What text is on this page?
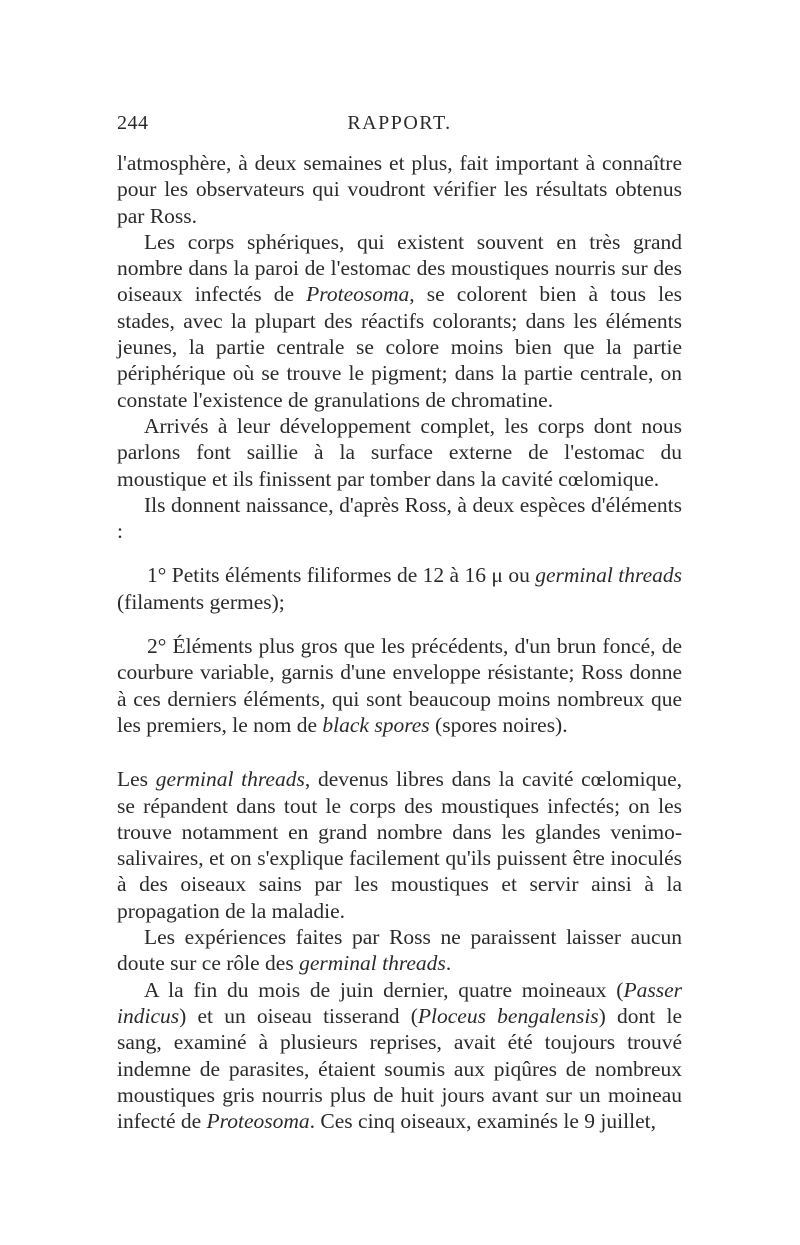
244	RAPPORT.

l'atmosphère, à deux semaines et plus, fait important à connaître pour les observateurs qui voudront vérifier les résultats obtenus par Ross.

Les corps sphériques, qui existent souvent en très grand nombre dans la paroi de l'estomac des moustiques nourris sur des oiseaux infectés de Proteosoma, se colorent bien à tous les stades, avec la plupart des réactifs colorants; dans les éléments jeunes, la partie centrale se colore moins bien que la partie périphérique où se trouve le pigment; dans la partie centrale, on constate l'existence de granulations de chromatine.

Arrivés à leur développement complet, les corps dont nous parlons font saillie à la surface externe de l'estomac du moustique et ils finissent par tomber dans la cavité cœlomique.

Ils donnent naissance, d'après Ross, à deux espèces d'éléments :

1° Petits éléments filiformes de 12 à 16 μ ou germinal threads (filaments germes);

2° Éléments plus gros que les précédents, d'un brun foncé, de courbure variable, garnis d'une enveloppe résistante; Ross donne à ces derniers éléments, qui sont beaucoup moins nombreux que les premiers, le nom de black spores (spores noires).

Les germinal threads, devenus libres dans la cavité cœlomique, se répandent dans tout le corps des moustiques infectés; on les trouve notamment en grand nombre dans les glandes venimo-salivaires, et on s'explique facilement qu'ils puissent être inoculés à des oiseaux sains par les moustiques et servir ainsi à la propagation de la maladie.

Les expériences faites par Ross ne paraissent laisser aucun doute sur ce rôle des germinal threads.

A la fin du mois de juin dernier, quatre moineaux (Passer indicus) et un oiseau tisserand (Ploceus bengalensis) dont le sang, examiné à plusieurs reprises, avait été toujours trouvé indemne de parasites, étaient soumis aux piqûres de nombreux moustiques gris nourris plus de huit jours avant sur un moineau infecté de Proteosoma. Ces cinq oiseaux, examinés le 9 juillet,
